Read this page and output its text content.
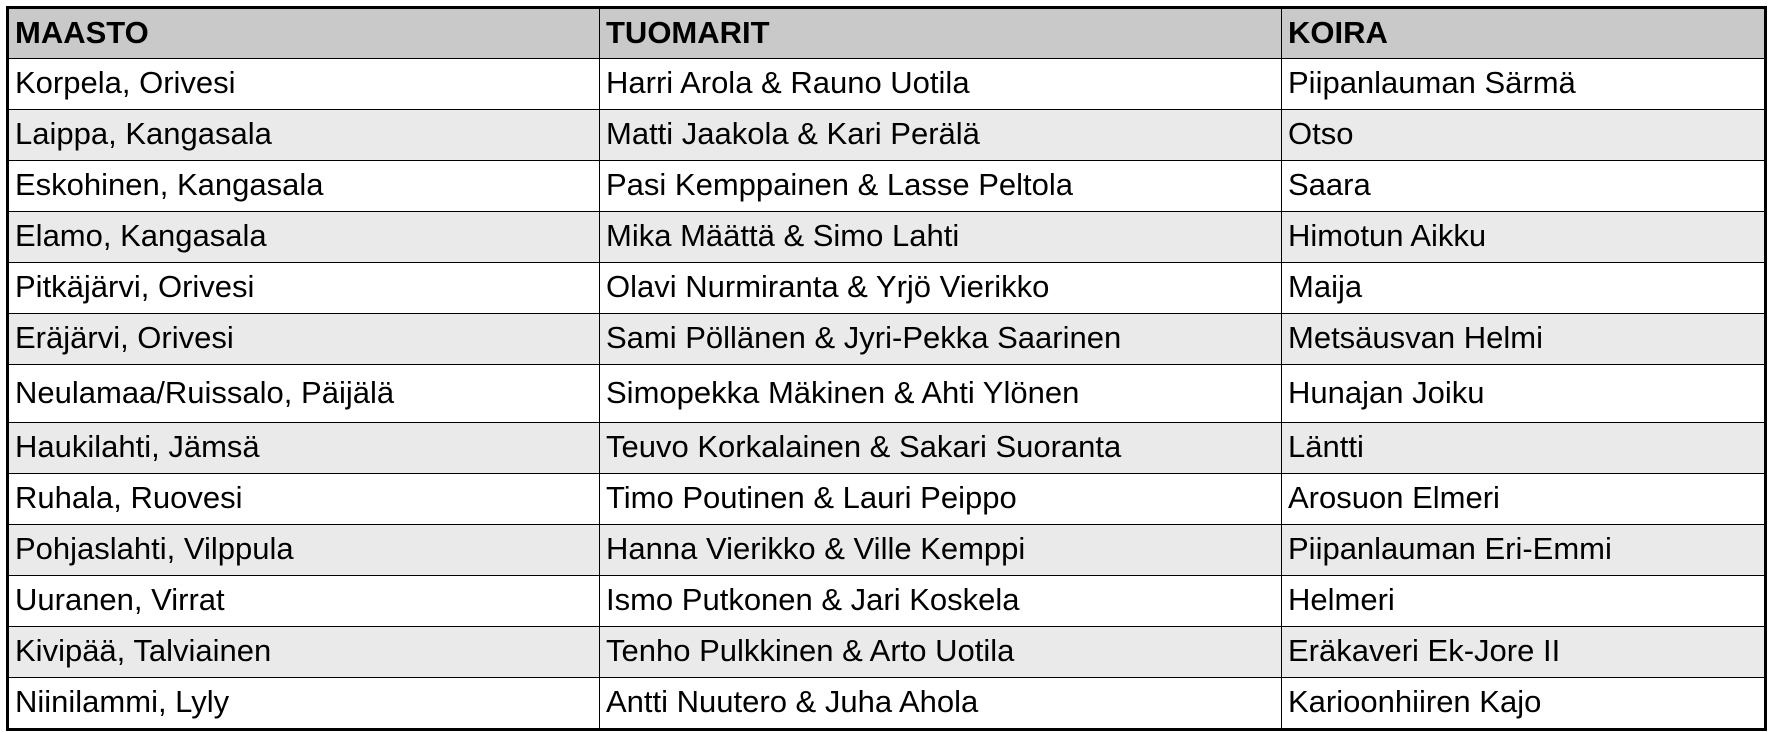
MAASTO	TUOMARIT	KOIRA
Korpela, Orivesi	Harri Arola & Rauno Uotila	Piipanlauman Särmä
Laippa, Kangasala	Matti Jaakola & Kari Perälä	Otso
Eskohinen, Kangasala	Pasi Kemppainen & Lasse Peltola	Saara
Elamo, Kangasala	Mika Määttä & Simo Lahti	Himotun Aikku
Pitkäjärvi, Orivesi	Olavi Nurmiranta & Yrjö Vierikko	Maija
Eräjärvi, Orivesi	Sami Pöllänen & Jyri-Pekka Saarinen	Metsäusvan Helmi
Neulamaa/Ruissalo, Päijälä	Simopekka Mäkinen & Ahti Ylönen	Hunajan Joiku
Haukilahti, Jämsä	Teuvo Korkalainen & Sakari Suoranta	Läntti
Ruhala, Ruovesi	Timo Poutinen & Lauri Peippo	Arosuon Elmeri
Pohjaslahti, Vilppula	Hanna Vierikko & Ville Kemppi	Piipanlauman Eri-Emmi
Uuranen, Virrat	Ismo Putkonen & Jari Koskela	Helmeri
Kivipää, Talviainen	Tenho Pulkkinen & Arto Uotila	Eräkaveri Ek-Jore II
Niinilammi, Lyly	Antti Nuutero & Juha Ahola	Karioonhiiren Kajo
